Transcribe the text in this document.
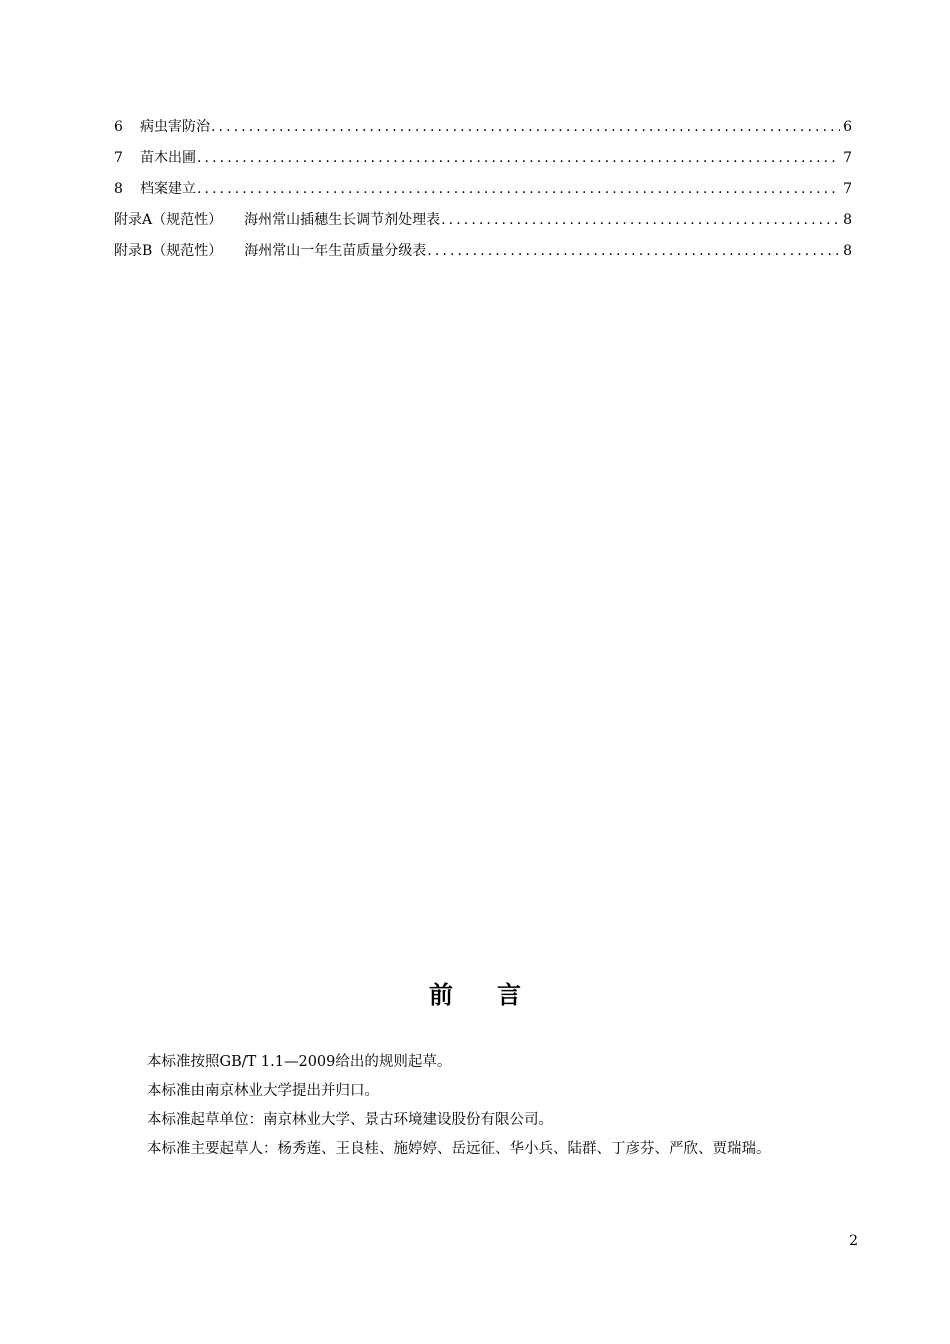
6	病虫害防治 .....	6
7	苗木出圃 .....	7
8	档案建立 .....	7
附录A（规范性） 海州常山插穗生长调节剂处理表 .....	8
附录B（规范性） 海州常山一年生苗质量分级表 .....	8
前言
本标准按照GB/T 1.1—2009给出的规则起草。
本标准由南京林业大学提出并归口。
本标准起草单位：南京林业大学、景古环境建设股份有限公司。
本标准主要起草人：杨秀莲、王良桂、施婷婷、岳远征、华小兵、陆群、丁彦芬、严欣、贾瑞瑞。
2
